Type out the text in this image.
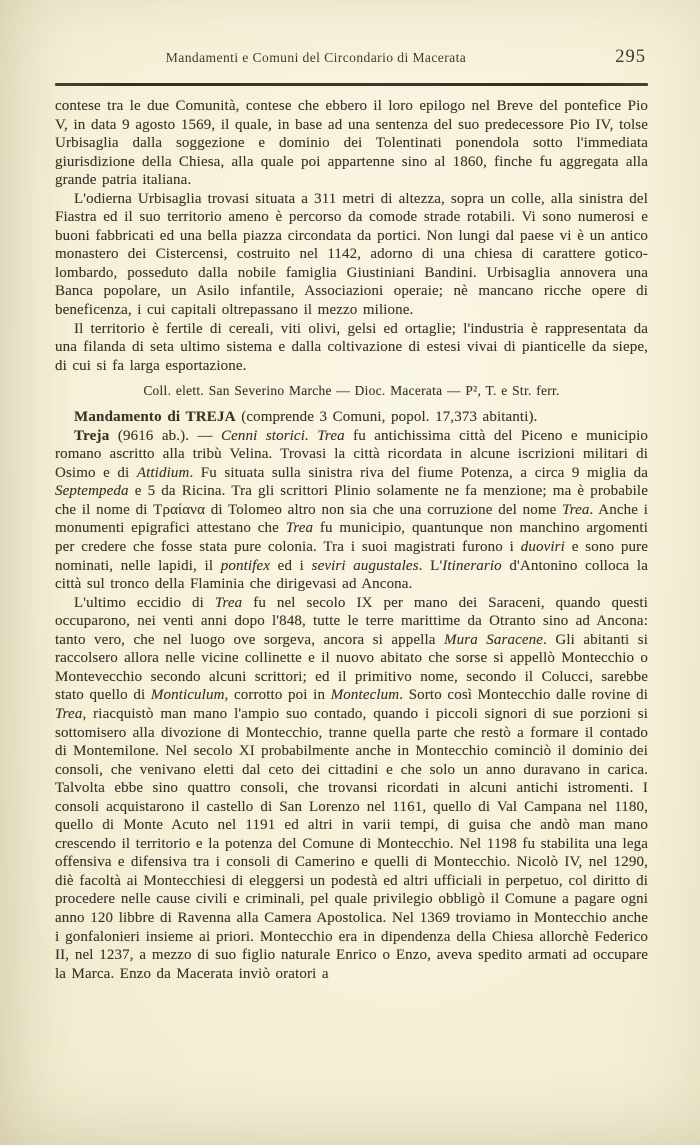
Mandamenti e Comuni del Circondario di Macerata	295

contese tra le due Comunità, contese che ebbero il loro epilogo nel Breve del pontefice Pio V, in data 9 agosto 1569, il quale, in base ad una sentenza del suo predecessore Pio IV, tolse Urbisaglia dalla soggezione e dominio dei Tolentinati ponendola sotto l'immediata giurisdizione della Chiesa, alla quale poi appartenne sino al 1860, finche fu aggregata alla grande patria italiana.

L'odierna Urbisaglia trovasi situata a 311 metri di altezza, sopra un colle, alla sinistra del Fiastra ed il suo territorio ameno è percorso da comode strade rotabili. Vi sono numerosi e buoni fabbricati ed una bella piazza circondata da portici. Non lungi dal paese vi è un antico monastero dei Cistercensi, costruito nel 1142, adorno di una chiesa di carattere gotico-lombardo, posseduto dalla nobile famiglia Giustiniani Bandini. Urbisaglia annovera una Banca popolare, un Asilo infantile, Associazioni operaie; nè mancano ricche opere di beneficenza, i cui capitali oltrepassano il mezzo milione.

Il territorio è fertile di cereali, viti olivi, gelsi ed ortaglie; l'industria è rappresentata da una filanda di seta ultimo sistema e dalla coltivazione di estesi vivai di pianticelle da siepe, di cui si fa larga esportazione.

Coll. elett. San Severino Marche — Dioc. Macerata — P², T. e Str. ferr.

Mandamento di TREJA (comprende 3 Comuni, popol. 17,373 abitanti).

Treja (9616 ab.). — Cenni storici. Trea fu antichissima città del Piceno e municipio romano ascritto alla tribù Velina. Trovasi la città ricordata in alcune iscrizioni militari di Osimo e di Attidium. Fu situata sulla sinistra riva del fiume Potenza, a circa 9 miglia da Septempeda e 5 da Ricina. Tra gli scrittori Plinio solamente ne fa menzione; ma è probabile che il nome di Τραίανα di Tolomeo altro non sia che una corruzione del nome Trea. Anche i monumenti epigrafici attestano che Trea fu municipio, quantunque non manchino argomenti per credere che fosse stata pure colonia. Tra i suoi magistrati furono i duoviri e sono pure nominati, nelle lapidi, il pontifex ed i seviri augustales. L'Itinerario d'Antonino colloca la città sul tronco della Flaminia che dirigevasi ad Ancona.

L'ultimo eccidio di Trea fu nel secolo IX per mano dei Saraceni, quando questi occuparono, nei venti anni dopo l'848, tutte le terre marittime da Otranto sino ad Ancona: tanto vero, che nel luogo ove sorgeva, ancora si appella Mura Saracene. Gli abitanti si raccolsero allora nelle vicine collinette e il nuovo abitato che sorse si appellò Montecchio o Montevecchio secondo alcuni scrittori; ed il primitivo nome, secondo il Colucci, sarebbe stato quello di Monticulum, corrotto poi in Monteclum. Sorto così Montecchio dalle rovine di Trea, riacquistò man mano l'ampio suo contado, quando i piccoli signori di sue porzioni si sottomisero alla divozione di Montecchio, tranne quella parte che restò a formare il contado di Montemilone. Nel secolo XI probabilmente anche in Montecchio cominciò il dominio dei consoli, che venivano eletti dal ceto dei cittadini e che solo un anno duravano in carica. Talvolta ebbe sino quattro consoli, che trovansi ricordati in alcuni antichi istromenti. I consoli acquistarono il castello di San Lorenzo nel 1161, quello di Val Campana nel 1180, quello di Monte Acuto nel 1191 ed altri in varii tempi, di guisa che andò man mano crescendo il territorio e la potenza del Comune di Montecchio. Nel 1198 fu stabilita una lega offensiva e difensiva tra i consoli di Camerino e quelli di Montecchio. Nicolò IV, nel 1290, diè facoltà ai Montecchiesi di eleggersi un podestà ed altri ufficiali in perpetuo, col diritto di procedere nelle cause civili e criminali, pel quale privilegio obbligò il Comune a pagare ogni anno 120 libbre di Ravenna alla Camera Apostolica. Nel 1369 troviamo in Montecchio anche i gonfalonieri insieme ai priori. Montecchio era in dipendenza della Chiesa allorchè Federico II, nel 1237, a mezzo di suo figlio naturale Enrico o Enzo, aveva spedito armati ad occupare la Marca. Enzo da Macerata inviò oratori a
